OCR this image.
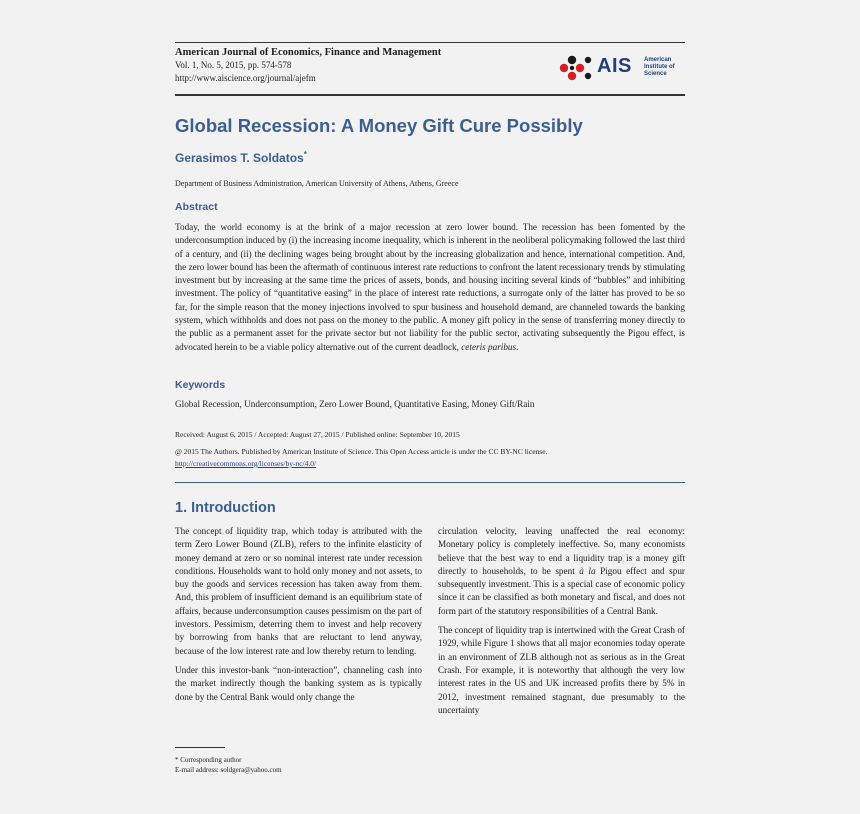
American Journal of Economics, Finance and Management
Vol. 1, No. 5, 2015, pp. 574-578
http://www.aiscience.org/journal/ajefm
AIS American Institute of Science
Global Recession: A Money Gift Cure Possibly
Gerasimos T. Soldatos*
Department of Business Administration, American University of Athens, Athens, Greece
Abstract
Today, the world economy is at the brink of a major recession at zero lower bound. The recession has been fomented by the underconsumption induced by (i) the increasing income inequality, which is inherent in the neoliberal policymaking followed the last third of a century, and (ii) the declining wages being brought about by the increasing globalization and hence, international competition. And, the zero lower bound has been the aftermath of continuous interest rate reductions to confront the latent recessionary trends by stimulating investment but by increasing at the same time the prices of assets, bonds, and housing inciting several kinds of “bubbles” and inhibiting investment. The policy of “quantitative easing” in the place of interest rate reductions, a surrogate only of the latter has proved to be so far, for the simple reason that the money injections involved to spur business and household demand, are channeled towards the banking system, which withholds and does not pass on the money to the public. A money gift policy in the sense of transferring money directly to the public as a permanent asset for the private sector but not liability for the public sector, activating subsequently the Pigou effect, is advocated herein to be a viable policy alternative out of the current deadlock, ceteris paribus.
Keywords
Global Recession, Underconsumption, Zero Lower Bound, Quantitative Easing, Money Gift/Rain
Received: August 6, 2015 / Accepted: August 27, 2015 / Published online: September 10, 2015
@ 2015 The Authors. Published by American Institute of Science. This Open Access article is under the CC BY-NC license.
http://creativecommons.org/licenses/by-nc/4.0/
1. Introduction

The concept of liquidity trap, which today is attributed with the term Zero Lower Bound (ZLB), refers to the infinite elasticity of money demand at zero or so nominal interest rate under recession conditions. Households want to hold only money and not assets, to buy the goods and services recession has taken away from them. And, this problem of insufficient demand is an equilibrium state of affairs, because underconsumption causes pessimism on the part of investors. Pessimism, deterring them to invest and help recovery by borrowing from banks that are reluctant to lend anyway, because of the low interest rate and low thereby return to lending.

Under this investor-bank “non-interaction”, channeling cash into the market indirectly though the banking system as is typically done by the Central Bank would only change the

circulation velocity, leaving unaffected the real economy: Monetary policy is completely ineffective. So, many economists believe that the best way to end a liquidity trap is a money gift directly to households, to be spent à la Pigou effect and spur subsequently investment. This is a special case of economic policy since it can be classified as both monetary and fiscal, and does not form part of the statutory responsibilities of a Central Bank.

The concept of liquidity trap is intertwined with the Great Crash of 1929, while Figure 1 shows that all major economies today operate in an environment of ZLB although not as serious as in the Great Crash. For example, it is noteworthy that although the very low interest rates in the US and UK increased profits there by 5% in 2012, investment remained stagnant, due presumably to the uncertainty

* Corresponding author
E-mail address: soldgera@yahoo.com
